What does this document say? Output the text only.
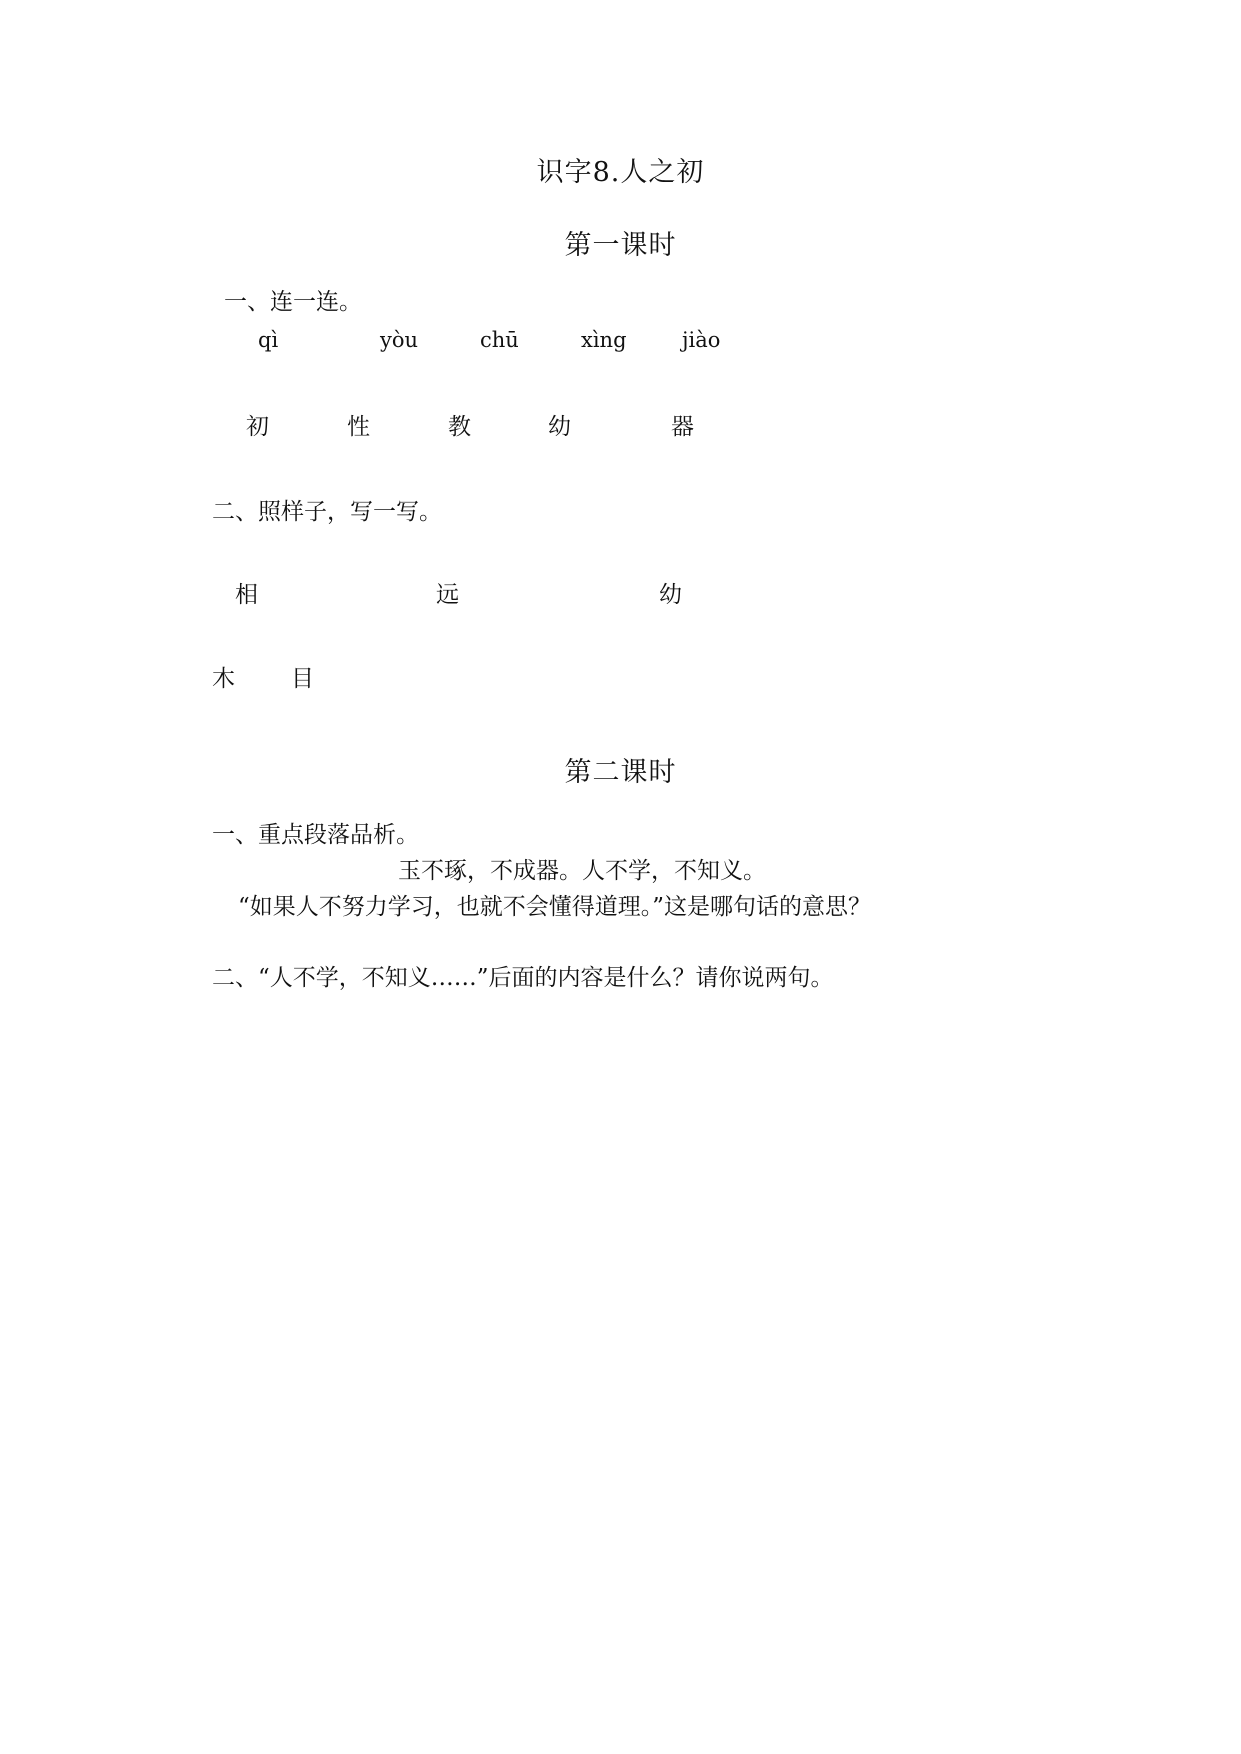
识字8.人之初
第一课时
一、连一连。
qì	yòu	chū	xìng	jiào
初	性	教	幼	器
二、照样子，写一写。
相	远	幼
木 目
第二课时
一、重点段落品析。
玉不琢，不成器。人不学，不知义。
“如果人不努力学习，也就不会懂得道理。”这是哪句话的意思？
二、“人不学，不知义……”后面的内容是什么？请你说两句。
